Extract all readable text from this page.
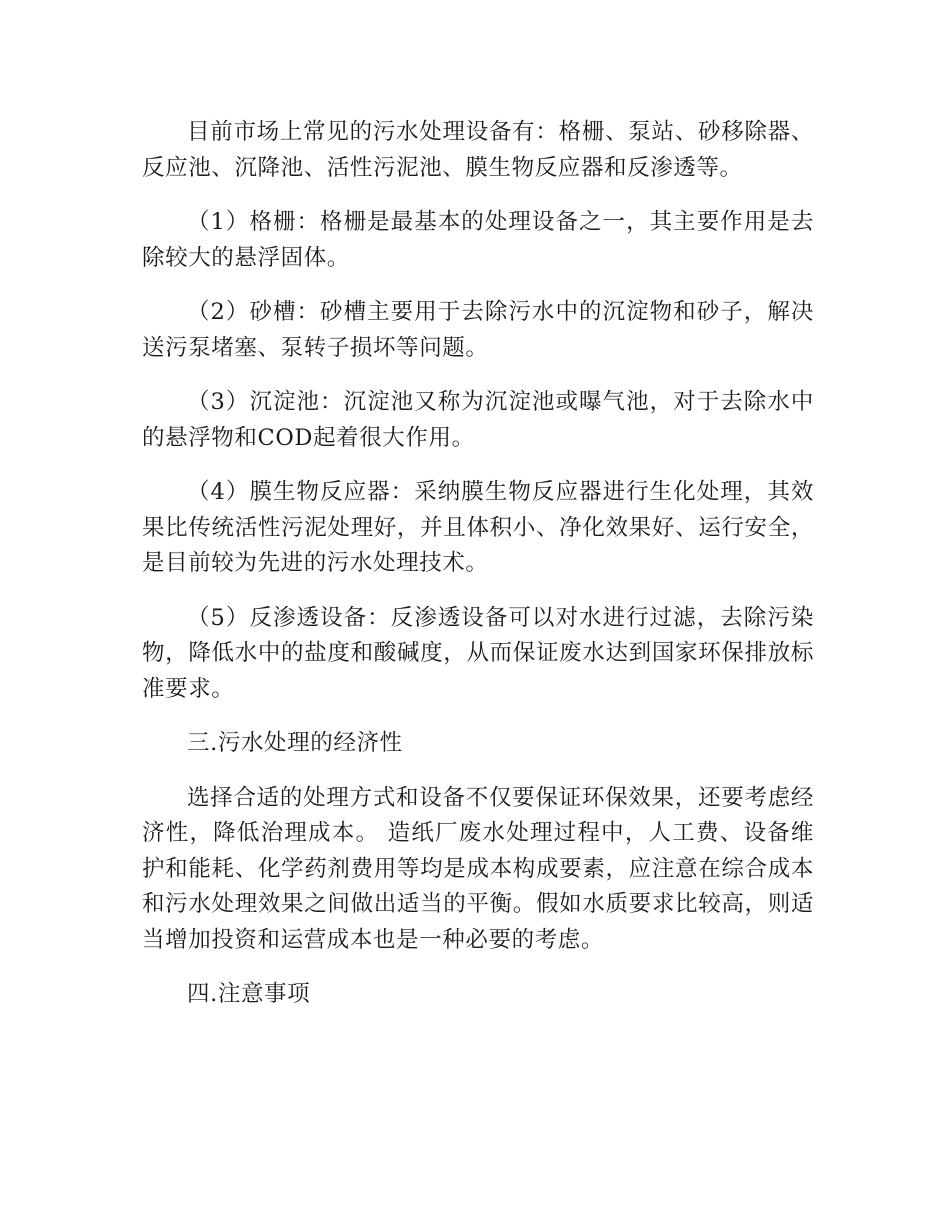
目前市场上常见的污水处理设备有：格栅、泵站、砂移除器、反应池、沉降池、活性污泥池、膜生物反应器和反渗透等。

（1）格栅：格栅是最基本的处理设备之一，其主要作用是去除较大的悬浮固体。

（2）砂槽：砂槽主要用于去除污水中的沉淀物和砂子，解决送污泵堵塞、泵转子损坏等问题。

（3）沉淀池：沉淀池又称为沉淀池或曝气池，对于去除水中的悬浮物和COD起着很大作用。

（4）膜生物反应器：采纳膜生物反应器进行生化处理，其效果比传统活性污泥处理好，并且体积小、净化效果好、运行安全，是目前较为先进的污水处理技术。

（5）反渗透设备：反渗透设备可以对水进行过滤，去除污染物，降低水中的盐度和酸碱度，从而保证废水达到国家环保排放标准要求。

三.污水处理的经济性

选择合适的处理方式和设备不仅要保证环保效果，还要考虑经济性，降低治理成本。 造纸厂废水处理过程中，人工费、设备维护和能耗、化学药剂费用等均是成本构成要素，应注意在综合成本和污水处理效果之间做出适当的平衡。假如水质要求比较高，则适当增加投资和运营成本也是一种必要的考虑。

四.注意事项
